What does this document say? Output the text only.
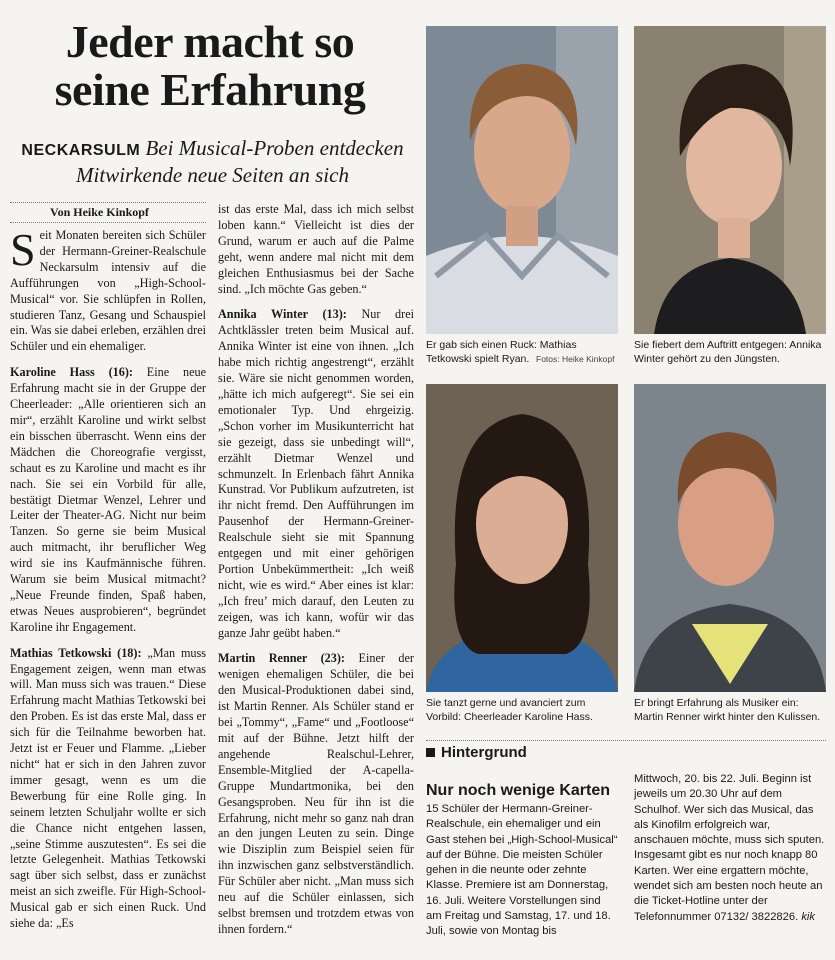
Jeder macht so
seine Erfahrung
NECKARSULM Bei Musical-Proben entdecken
Mitwirkende neue Seiten an sich
Von Heike Kinkopf

Seit Monaten bereiten sich Schüler der Hermann-Greiner-Realschule Neckarsulm intensiv auf die Aufführungen von „High-School-Musical“ vor. Sie schlüpfen in Rollen, studieren Tanz, Gesang und Schauspiel ein. Was sie dabei erleben, erzählen drei Schüler und ein ehemaliger.

Karoline Hass (16): Eine neue Erfahrung macht sie in der Gruppe der Cheerleader: „Alle orientieren sich an mir“, erzählt Karoline und wirkt selbst ein bisschen überrascht. Wenn eins der Mädchen die Choreografie vergisst, schaut es zu Karoline und macht es ihr nach. Sie sei ein Vorbild für alle, bestätigt Dietmar Wenzel, Lehrer und Leiter der Theater-AG. Nicht nur beim Tanzen. So gerne sie beim Musical auch mitmacht, ihr beruflicher Weg wird sie ins Kaufmännische führen. Warum sie beim Musical mitmacht? „Neue Freunde finden, Spaß haben, etwas Neues ausprobieren“, begründet Karoline ihr Engagement.

Mathias Tetkowski (18): „Man muss Engagement zeigen, wenn man etwas will. Man muss sich was trauen.“ Diese Erfahrung macht Mathias Tetkowski bei den Proben. Es ist das erste Mal, dass er sich für die Teilnahme beworben hat. Jetzt ist er Feuer und Flamme. „Lieber nicht“ hat er sich in den Jahren zuvor immer gesagt, wenn es um die Bewerbung für eine Rolle ging. In seinem letzten Schuljahr wollte er sich die Chance nicht entgehen lassen, „seine Stimme auszutesten“. Es sei die letzte Gelegenheit. Mathias Tetkowski sagt über sich selbst, dass er zunächst meist an sich zweifle. Für High-School-Musical gab er sich einen Ruck. Und siehe da: „Es

ist das erste Mal, dass ich mich selbst loben kann.“ Vielleicht ist dies der Grund, warum er auch auf die Palme geht, wenn andere mal nicht mit dem gleichen Enthusiasmus bei der Sache sind. „Ich möchte Gas geben.“

Annika Winter (13): Nur drei Achtklässler treten beim Musical auf. Annika Winter ist eine von ihnen. „Ich habe mich richtig angestrengt“, erzählt sie. Wäre sie nicht genommen worden, „hätte ich mich aufgeregt“. Sie sei ein emotionaler Typ. Und ehrgeizig. „Schon vorher im Musikunterricht hat sie gezeigt, dass sie unbedingt will“, erzählt Dietmar Wenzel und schmunzelt. In Erlenbach fährt Annika Kunstrad. Vor Publikum aufzutreten, ist ihr nicht fremd. Den Aufführungen im Pausenhof der Hermann-Greiner-Realschule sieht sie mit Spannung entgegen und mit einer gehörigen Portion Unbekümmertheit: „Ich weiß nicht, wie es wird.“ Aber eines ist klar: „Ich freu’ mich darauf, den Leuten zu zeigen, was ich kann, wofür wir das ganze Jahr geübt haben.“

Martin Renner (23): Einer der wenigen ehemaligen Schüler, die bei den Musical-Produktionen dabei sind, ist Martin Renner. Als Schüler stand er bei „Tommy“, „Fame“ und „Footloose“ mit auf der Bühne. Jetzt hilft der angehende Realschul-Lehrer, Ensemble-Mitglied der A-capella-Gruppe Mundartmonika, bei den Gesangsproben. Neu für ihn ist die Erfahrung, nicht mehr so ganz nah dran an den jungen Leuten zu sein. Dinge wie Disziplin zum Beispiel seien für ihn inzwischen ganz selbstverständlich. Für Schüler aber nicht. „Man muss sich neu auf die Schüler einlassen, sich selbst bremsen und trotzdem etwas von ihnen fordern.“

Er gab sich einen Ruck: Mathias Tetkowski spielt Ryan. Fotos: Heike Kinkopf
Sie fiebert dem Auftritt entgegen: Annika Winter gehört zu den Jüngsten.
Sie tanzt gerne und avanciert zum Vorbild: Cheerleader Karoline Hass.
Er bringt Erfahrung als Musiker ein: Martin Renner wirkt hinter den Kulissen.
Hintergrund
Nur noch wenige Karten
15 Schüler der Hermann-Greiner-Realschule, ein ehemaliger und ein Gast stehen bei „High-School-Musical“ auf der Bühne. Die meisten Schüler gehen in die neunte oder zehnte Klasse. Premiere ist am Donnerstag, 16. Juli. Weitere Vorstellungen sind am Freitag und Samstag, 17. und 18. Juli, sowie von Montag bis
Mittwoch, 20. bis 22. Juli. Beginn ist jeweils um 20.30 Uhr auf dem Schulhof. Wer sich das Musical, das als Kinofilm erfolgreich war, anschauen möchte, muss sich sputen. Insgesamt gibt es nur noch knapp 80 Karten. Wer eine ergattern möchte, wendet sich am besten noch heute an die Ticket-Hotline unter der Telefonnummer 07132/ 3822826. kik
